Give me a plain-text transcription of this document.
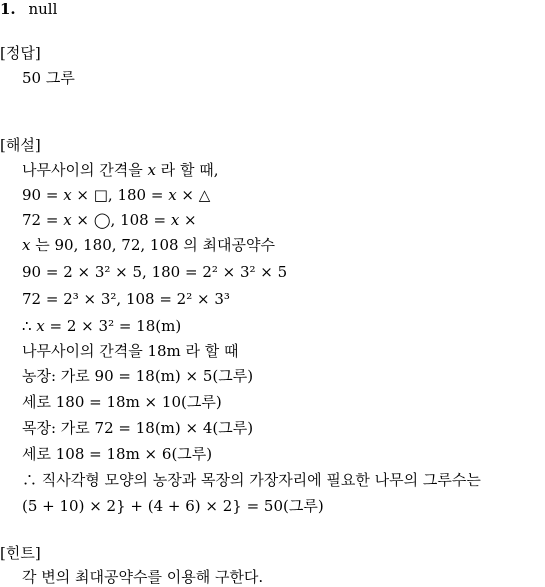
1. null
[정답]
50 그루
[해설]
나무사이의 간격을 𝑥 라 할 때,
90 = 𝑥 × □, 180 = 𝑥 × △
72 = 𝑥 × ◯, 108 = 𝑥 ×
𝑥 는 90, 180, 72, 108 의 최대공약수
90 = 2 × 3² × 5, 180 = 2² × 3² × 5
72 = 2³ × 3², 108 = 2² × 3³
∴ 𝑥 = 2 × 3² = 18(m)
나무사이의 간격을 18m 라 할 때
농장: 가로 90 = 18(m) × 5(그루)
세로 180 = 18m × 10(그루)
목장: 가로 72 = 18(m) × 4(그루)
세로 108 = 18m × 6(그루)
∴ 직사각형 모양의 농장과 목장의 가장자리에 필요한 나무의 그루수는
(5 + 10) × 2} + (4 + 6) × 2} = 50(그루)
[힌트]
각 변의 최대공약수를 이용해 구한다.
